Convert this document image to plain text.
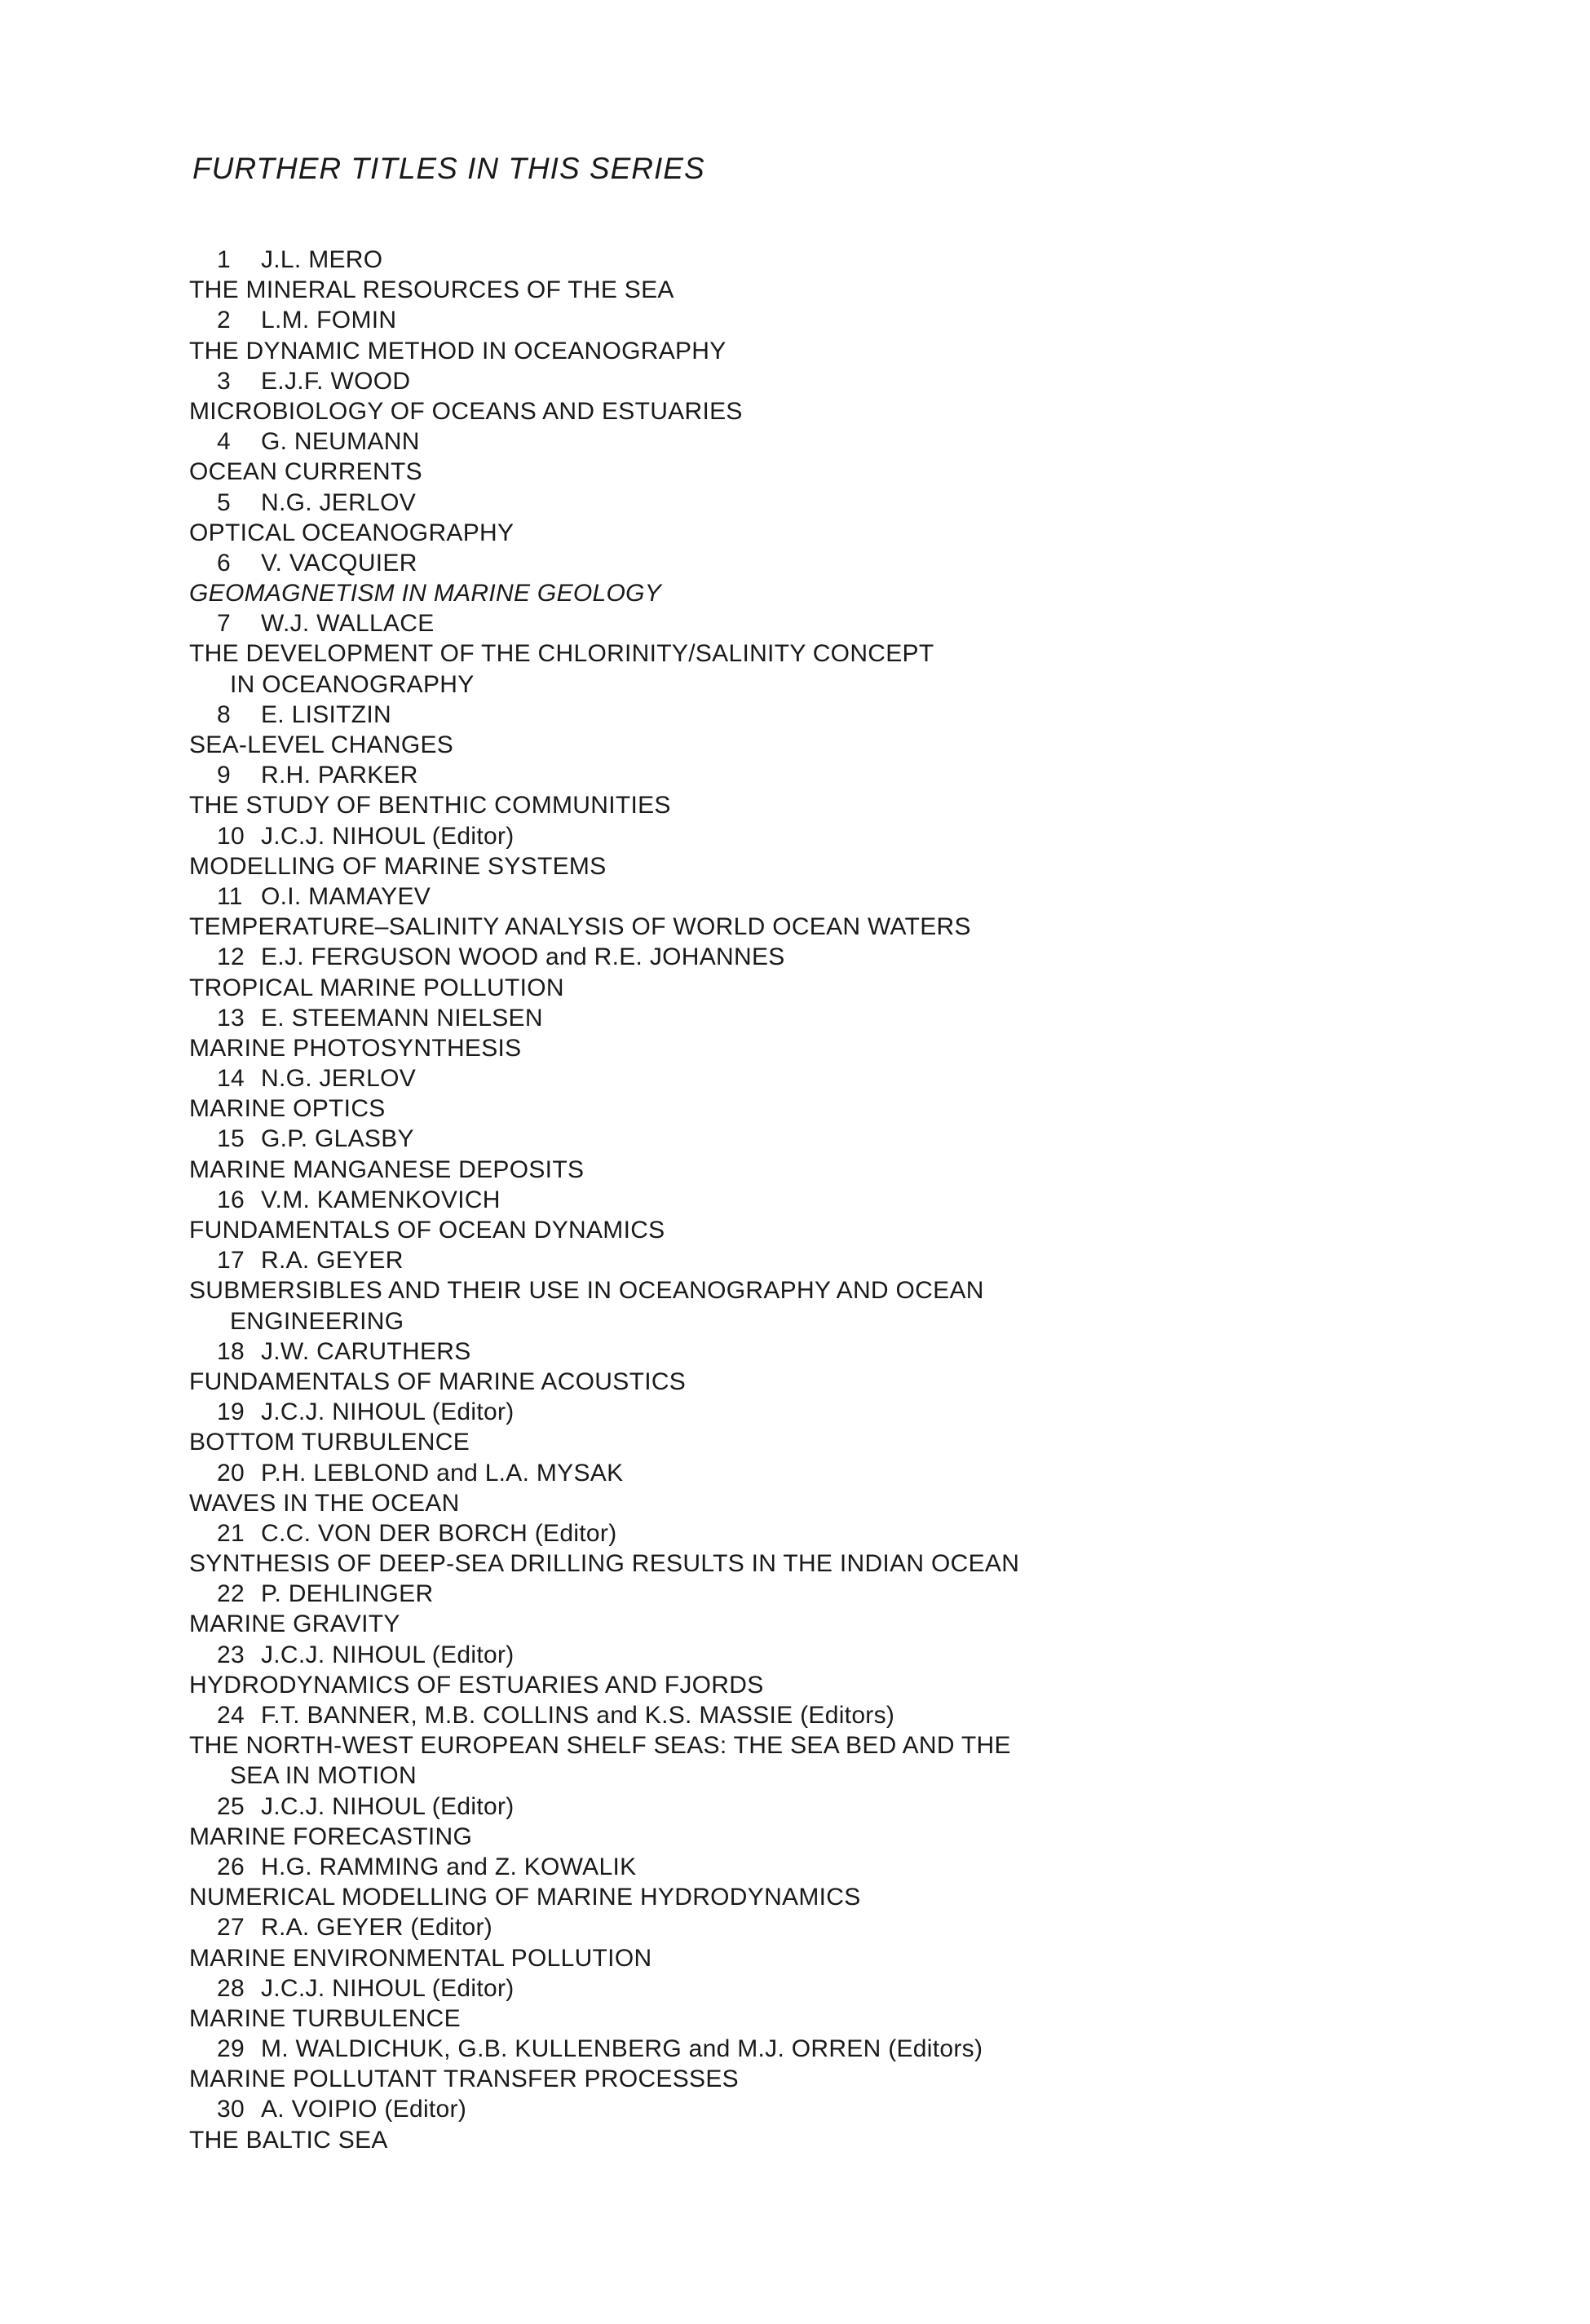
FURTHER TITLES IN THIS SERIES
1 J.L. MERO
THE MINERAL RESOURCES OF THE SEA
2 L.M. FOMIN
THE DYNAMIC METHOD IN OCEANOGRAPHY
3 E.J.F. WOOD
MICROBIOLOGY OF OCEANS AND ESTUARIES
4 G. NEUMANN
OCEAN CURRENTS
5 N.G. JERLOV
OPTICAL OCEANOGRAPHY
6 V. VACQUIER
GEOMAGNETISM IN MARINE GEOLOGY
7 W.J. WALLACE
THE DEVELOPMENT OF THE CHLORINITY/SALINITY CONCEPT
IN OCEANOGRAPHY
8 E. LISITZIN
SEA-LEVEL CHANGES
9 R.H. PARKER
THE STUDY OF BENTHIC COMMUNITIES
10 J.C.J. NIHOUL (Editor)
MODELLING OF MARINE SYSTEMS
11 O.I. MAMAYEV
TEMPERATURE–SALINITY ANALYSIS OF WORLD OCEAN WATERS
12 E.J. FERGUSON WOOD and R.E. JOHANNES
TROPICAL MARINE POLLUTION
13 E. STEEMANN NIELSEN
MARINE PHOTOSYNTHESIS
14 N.G. JERLOV
MARINE OPTICS
15 G.P. GLASBY
MARINE MANGANESE DEPOSITS
16 V.M. KAMENKOVICH
FUNDAMENTALS OF OCEAN DYNAMICS
17 R.A. GEYER
SUBMERSIBLES AND THEIR USE IN OCEANOGRAPHY AND OCEAN
ENGINEERING
18 J.W. CARUTHERS
FUNDAMENTALS OF MARINE ACOUSTICS
19 J.C.J. NIHOUL (Editor)
BOTTOM TURBULENCE
20 P.H. LEBLOND and L.A. MYSAK
WAVES IN THE OCEAN
21 C.C. VON DER BORCH (Editor)
SYNTHESIS OF DEEP-SEA DRILLING RESULTS IN THE INDIAN OCEAN
22 P. DEHLINGER
MARINE GRAVITY
23 J.C.J. NIHOUL (Editor)
HYDRODYNAMICS OF ESTUARIES AND FJORDS
24 F.T. BANNER, M.B. COLLINS and K.S. MASSIE (Editors)
THE NORTH-WEST EUROPEAN SHELF SEAS: THE SEA BED AND THE
SEA IN MOTION
25 J.C.J. NIHOUL (Editor)
MARINE FORECASTING
26 H.G. RAMMING and Z. KOWALIK
NUMERICAL MODELLING OF MARINE HYDRODYNAMICS
27 R.A. GEYER (Editor)
MARINE ENVIRONMENTAL POLLUTION
28 J.C.J. NIHOUL (Editor)
MARINE TURBULENCE
29 M. WALDICHUK, G.B. KULLENBERG and M.J. ORREN (Editors)
MARINE POLLUTANT TRANSFER PROCESSES
30 A. VOIPIO (Editor)
THE BALTIC SEA
